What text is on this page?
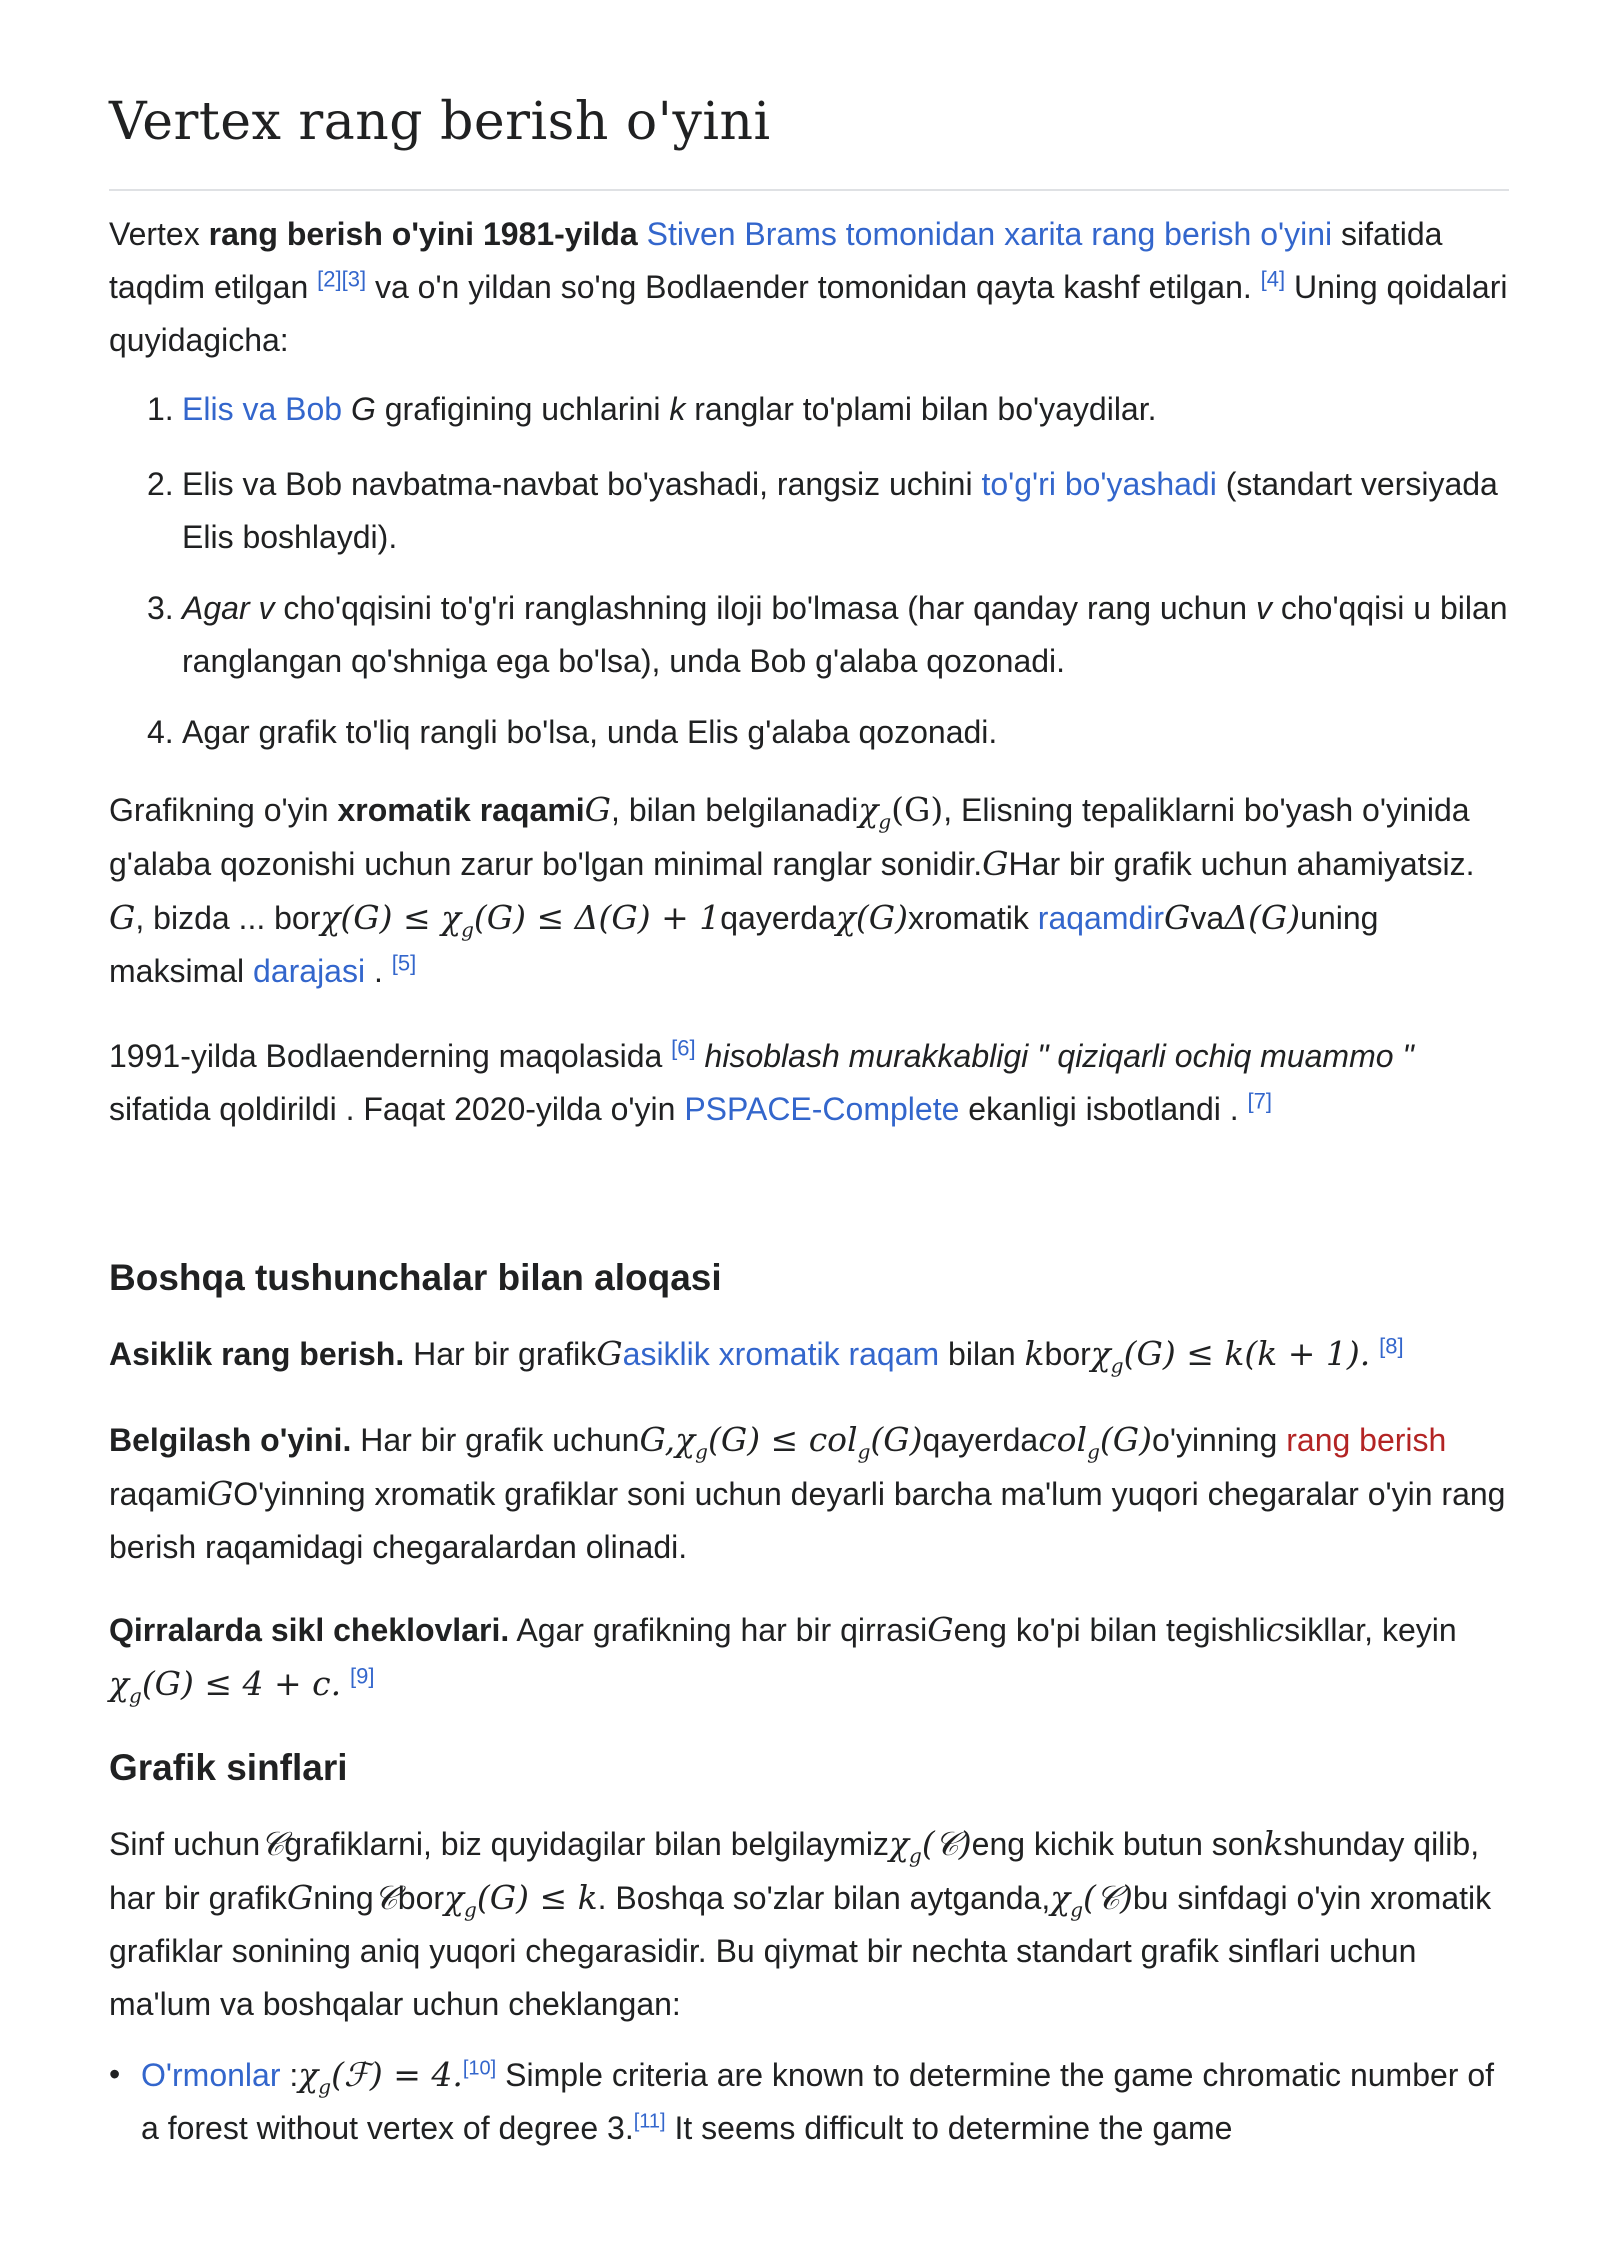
Vertex rang berish o'yini

Vertex rang berish o'yini 1981-yilda Stiven Brams tomonidan xarita rang berish o'yini sifatida taqdim etilgan [2][3] va o'n yildan so'ng Bodlaender tomonidan qayta kashf etilgan. [4] Uning qoidalari quyidagicha:

1. Elis va Bob G grafigining uchlarini k ranglar to'plami bilan bo'yaydilar.
2. Elis va Bob navbatma-navbat bo'yashadi, rangsiz uchini to'g'ri bo'yashadi (standart versiyada Elis boshlaydi).
3. Agar v cho'qqisini to'g'ri ranglashning iloji bo'lmasa (har qanday rang uchun v cho'qqisi u bilan ranglangan qo'shniga ega bo'lsa), unda Bob g'alaba qozonadi.
4. Agar grafik to'liq rangli bo'lsa, unda Elis g'alaba qozonadi.

Grafikning o'yin xromatik raqamiG, bilan belgilanadiχ$_g$(G), Elisning tepaliklarni bo'yash o'yinida g'alaba qozonishi uchun zarur bo'lgan minimal ranglar sonidir.GHar bir grafik uchun ahamiyatsiz. G, bizda ... $bor\chi(G) \le \chi_g(G) \le \Delta(G)$ + 1qayerdaχ(G)xromatik raqamdirGvaΔ(G)uning maksimal darajasi . [5]

1991-yilda Bodlaenderning maqolasida [6] hisoblash murakkabligi " qiziqarli ochiq muammo " sifatida qoldirildi . Faqat 2020-yilda o'yin PSPACE-Complete ekanligi isbotlandi . [7]

Boshqa tushunchalar bilan aloqasi

Asiklik rang berish. Har bir grafikGasiklik xromatik raqam bilan kborχ$_g$(G) ≤ k(k + 1). [8]

Belgilash o'yini. Har bir grafik $uchunG,\chi_g(G)$ ≤ col$_g$(G)qayerdacol$_g$(G)o'yinning rang berish raqamiGO'yinning xromatik grafiklar soni uchun deyarli barcha ma'lum yuqori chegaralar o'yin rang berish raqamidagi chegaralardan olinadi.

Qirralarda sikl cheklovlari. Agar grafikning har bir qirrasiGeng ko'pi bilan tegishlicsikllar, keyin $\chi_g(G) \le 4 + c$. [9]

Grafik sinflari

Sinf uchun𝒞grafiklarni, biz quyidagilar bilan belgilaymizχ$_g$(𝒞)eng kichik butun sonkshunday qilib, har bir grafikGning𝒞borχ$_g$(G) ≤ k. Boshqa so'zlar bilan $aytganda,\chi_g(𝒞)bu$ sinfdagi o'yin xromatik grafiklar sonining aniq yuqori chegarasidir. Bu qiymat bir nechta standart grafik sinflari uchun ma'lum va boshqalar uchun cheklangan:

• O'rmonlar $:\chi_g(ℱ) = 4.[10]$ Simple criteria are known to determine the game chromatic number of a forest without vertex of degree 3.[11] It seems difficult to determine the game
